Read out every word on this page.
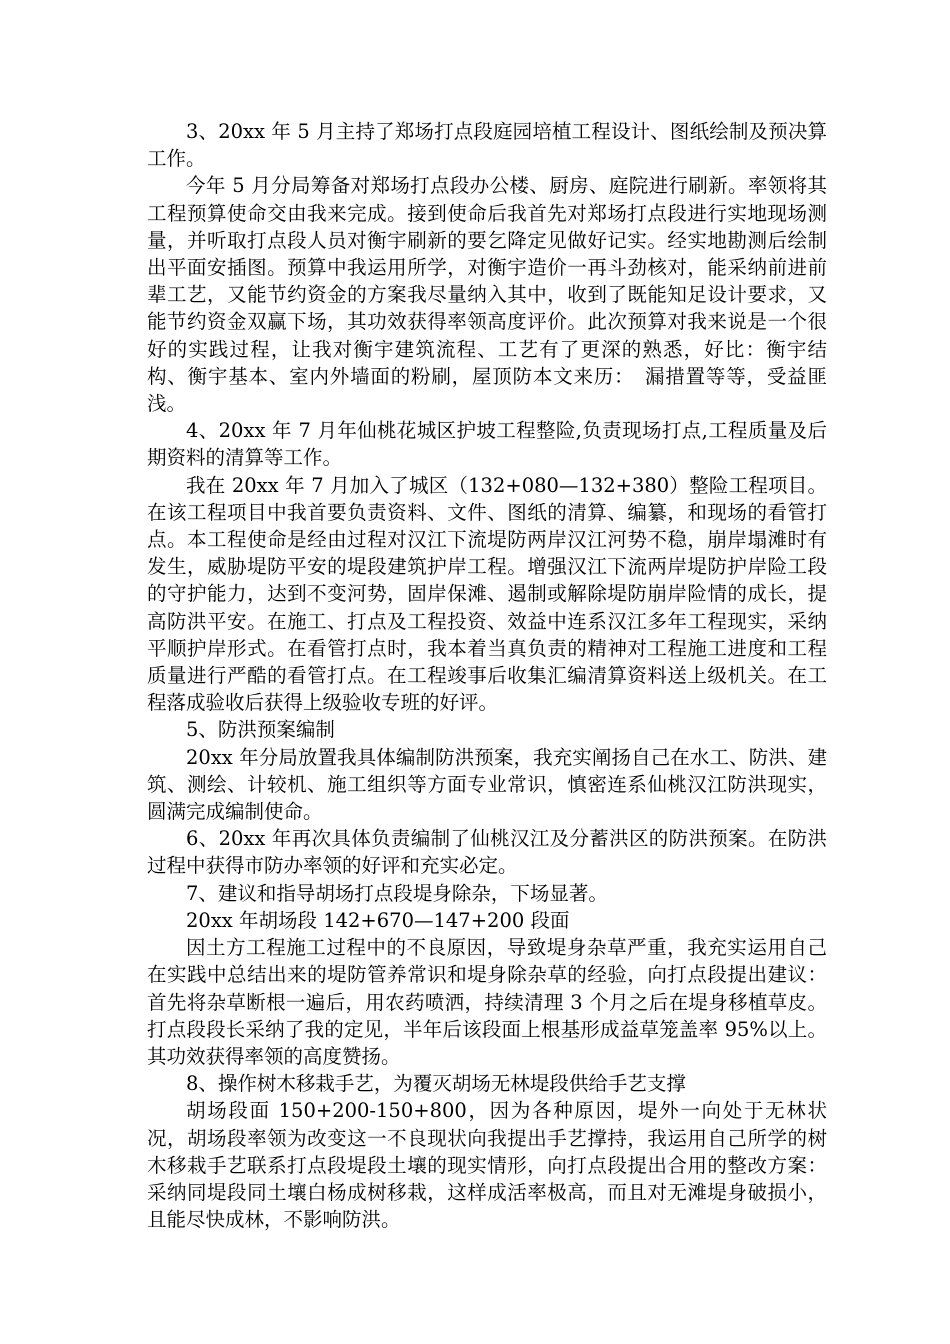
3、20xx 年 5 月主持了郑场打点段庭园培植工程设计、图纸绘制及预决算工作。

今年 5 月分局筹备对郑场打点段办公楼、厨房、庭院进行刷新。率领将其工程预算使命交由我来完成。接到使命后我首先对郑场打点段进行实地现场测量，并听取打点段人员对衡宇刷新的要乞降定见做好记实。经实地勘测后绘制出平面安插图。预算中我运用所学，对衡宇造价一再斗劲核对，能采纳前进前辈工艺，又能节约资金的方案我尽量纳入其中，收到了既能知足设计要求，又能节约资金双赢下场，其功效获得率领高度评价。此次预算对我来说是一个很好的实践过程，让我对衡宇建筑流程、工艺有了更深的熟悉，好比：衡宇结构、衡宇基本、室内外墙面的粉刷，屋顶防本文来历：　漏措置等等，受益匪浅。

4、20xx 年 7 月年仙桃花城区护坡工程整险,负责现场打点,工程质量及后期资料的清算等工作。

我在 20xx 年 7 月加入了城区（132+080—132+380）整险工程项目。在该工程项目中我首要负责资料、文件、图纸的清算、编纂，和现场的看管打点。本工程使命是经由过程对汉江下流堤防两岸汉江河势不稳，崩岸塌滩时有发生，威胁堤防平安的堤段建筑护岸工程。增强汉江下流两岸堤防护岸险工段的守护能力，达到不变河势，固岸保滩、遏制或解除堤防崩岸险情的成长，提高防洪平安。在施工、打点及工程投资、效益中连系汉江多年工程现实，采纳平顺护岸形式。在看管打点时，我本着当真负责的精神对工程施工进度和工程质量进行严酷的看管打点。在工程竣事后收集汇编清算资料送上级机关。在工程落成验收后获得上级验收专班的好评。

5、防洪预案编制

20xx 年分局放置我具体编制防洪预案，我充实阐扬自己在水工、防洪、建筑、测绘、计较机、施工组织等方面专业常识，慎密连系仙桃汉江防洪现实，圆满完成编制使命。

6、20xx 年再次具体负责编制了仙桃汉江及分蓄洪区的防洪预案。在防洪过程中获得市防办率领的好评和充实必定。

7、建议和指导胡场打点段堤身除杂，下场显著。

20xx 年胡场段 142+670—147+200 段面

因土方工程施工过程中的不良原因，导致堤身杂草严重，我充实运用自己在实践中总结出来的堤防管养常识和堤身除杂草的经验，向打点段提出建议：首先将杂草断根一遍后，用农药喷洒，持续清理 3 个月之后在堤身移植草皮。打点段段长采纳了我的定见，半年后该段面上根基形成益草笼盖率 95%以上。其功效获得率领的高度赞扬。

8、操作树木移栽手艺，为覆灭胡场无林堤段供给手艺支撑

胡场段面 150+200-150+800，因为各种原因，堤外一向处于无林状况，胡场段率领为改变这一不良现状向我提出手艺撑持，我运用自己所学的树木移栽手艺联系打点段堤段土壤的现实情形，向打点段提出合用的整改方案：采纳同堤段同土壤白杨成树移栽，这样成活率极高，而且对无滩堤身破损小，且能尽快成林，不影响防洪。
